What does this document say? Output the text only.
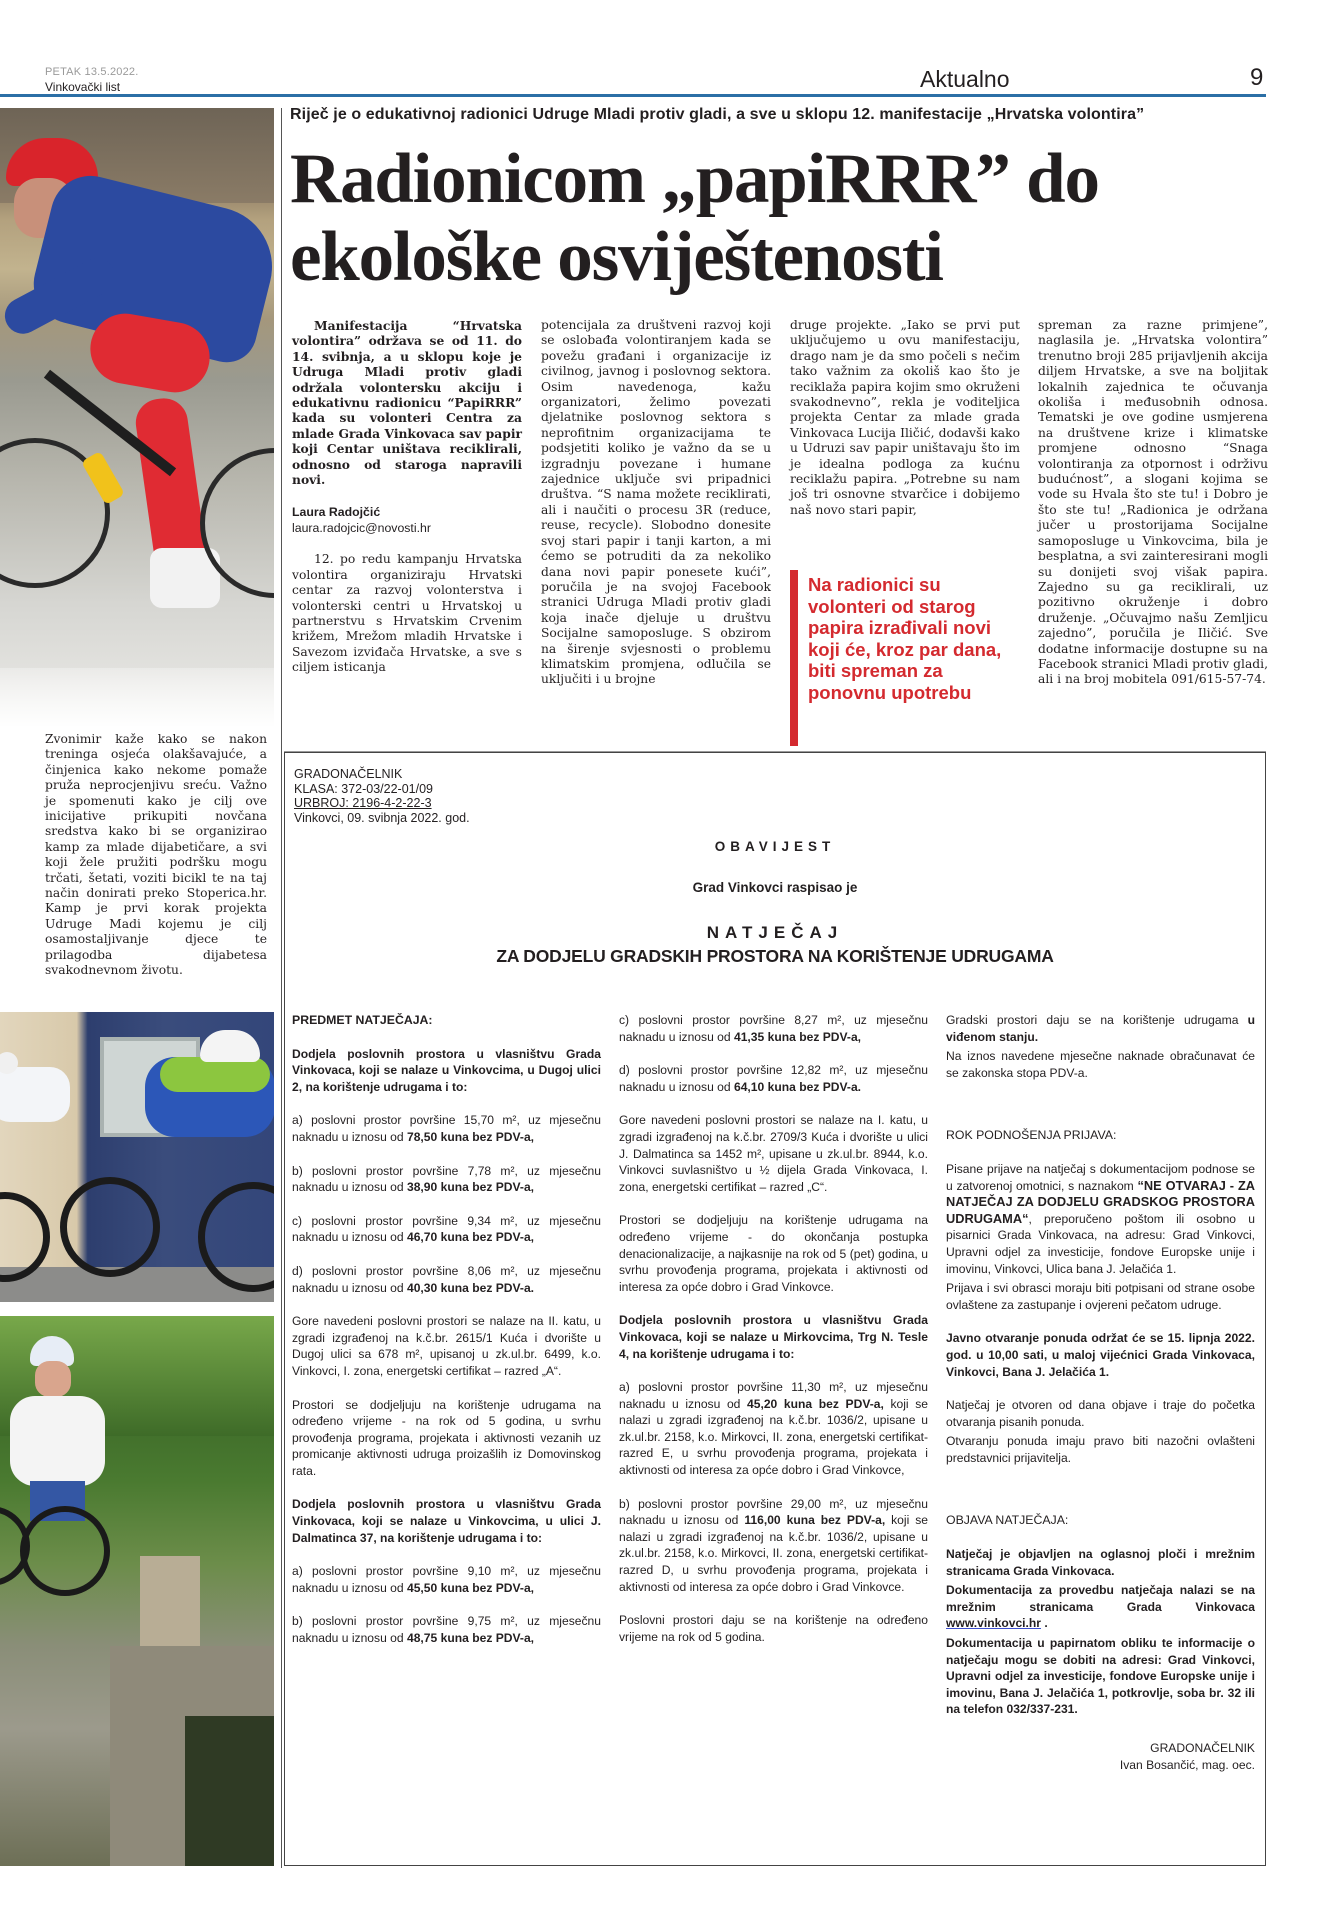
PETAK 13.5.2022.
Vinkovački list	Aktualno	9
Zvonimir kaže kako se nakon treninga osjeća olakšavajuće, a činjenica kako nekome pomaže pruža neprocjenjivu sreću. Važno je spomenuti kako je cilj ove inicijative prikupiti novčana sredstva kako bi se organizirao kamp za mlade dijabetičare, a svi koji žele pružiti podršku mogu trčati, šetati, voziti bicikl te na taj način donirati preko Stoperica.hr. Kamp je prvi korak projekta Udruge Madi kojemu je cilj osamostaljivanje djece te prilagodba dijabetesa svakodnevnom životu.
Riječ je o edukativnoj radionici Udruge Mladi protiv gladi, a sve u sklopu 12. manifestacije „Hrvatska volontira”
Radionicom „papiRRR” do ekološke osviještenosti

Manifestacija “Hrvatska volontira” održava se od 11. do 14. svibnja, a u sklopu koje je Udruga Mladi protiv gladi održala volontersku akciju i edukativnu radionicu “PapiRRR” kada su volonteri Centra za mlade Grada Vinkovaca sav papir koji Centar uništava reciklirali, odnosno od staroga napravili novi.

Laura Radojčić
laura.radojcic@novosti.hr

12. po redu kampanju Hrvatska volontira organiziraju Hrvatski centar za razvoj volonterstva i volonterski centri u Hrvatskoj u partnerstvu s Hrvatskim Crvenim križem, Mrežom mladih Hrvatske i Savezom izviđača Hrvatske, a sve s ciljem isticanja

potencijala za društveni razvoj koji se oslobađa volontiranjem kada se povežu građani i organizacije iz civilnog, javnog i poslovnog sektora. Osim navedenoga, kažu organizatori, želimo povezati djelatnike poslovnog sektora s neprofitnim organizacijama te podsjetiti koliko je važno da se u izgradnju povezane i humane zajednice uključe svi pripadnici društva. “S nama možete reciklirati, ali i naučiti o procesu 3R (reduce, reuse, recycle). Slobodno donesite svoj stari papir i tanji karton, a mi ćemo se potruditi da za nekoliko dana novi papir ponesete kući”, poručila je na svojoj Facebook stranici Udruga Mladi protiv gladi koja inače djeluje u društvu Socijalne samoposluge. S obzirom na širenje svjesnosti o problemu klimatskim promjena, odlučila se uključiti i u brojne

druge projekte. „Iako se prvi put uključujemo u ovu manifestaciju, drago nam je da smo počeli s nečim tako važnim za okoliš kao što je reciklaža papira kojim smo okruženi svakodnevno”, rekla je voditeljica projekta Centar za mlade grada Vinkovaca Lucija Iličić, dodavši kako u Udruzi sav papir uništavaju što im je idealna podloga za kućnu reciklažu papira. „Potrebne su nam još tri osnovne stvarčice i dobijemo naš novo stari papir,

Na radionici su volonteri od starog papira izrađivali novi koji će, kroz par dana, biti spreman za ponovnu upotrebu

spreman za razne primjene”, naglasila je. „Hrvatska volontira” trenutno broji 285 prijavljenih akcija diljem Hrvatske, a sve na boljitak lokalnih zajednica te očuvanja okoliša i međusobnih odnosa. Tematski je ove godine usmjerena na društvene krize i klimatske promjene odnosno “Snaga volontiranja za otpornost i održivu budućnost”, a slogani kojima se vode su Hvala što ste tu! i Dobro je što ste tu! „Radionica je održana jučer u prostorijama Socijalne samoposluge u Vinkovcima, bila je besplatna, a svi zainteresirani mogli su donijeti svoj višak papira. Zajedno su ga reciklirali, uz pozitivno okruženje i dobro druženje. „Očuvajmo našu Zemljicu zajedno”, poručila je Iličić. Sve dodatne informacije dostupne su na Facebook stranici Mladi protiv gladi, ali i na broj mobitela 091/615-57-74.

GRADONAČELNIK
KLASA: 372-03/22-01/09
URBROJ: 2196-4-2-22-3
Vinkovci, 09. svibnja 2022. god.
OBAVIJEST
Grad Vinkovci raspisao je
NATJEČAJ
ZA DODJELU GRADSKIH PROSTORA NA KORIŠTENJE UDRUGAMA

PREDMET NATJEČAJA:

Dodjela poslovnih prostora u vlasništvu Grada Vinkovaca, koji se nalaze u Vinkovcima, u Dugoj ulici 2, na korištenje udrugama i to:

a) poslovni prostor površine 15,70 m², uz mjesečnu naknadu u iznosu od 78,50 kuna bez PDV-a,

b) poslovni prostor površine 7,78 m², uz mjesečnu naknadu u iznosu od 38,90 kuna bez PDV-a,

c) poslovni prostor površine 9,34 m², uz mjesečnu naknadu u iznosu od 46,70 kuna bez PDV-a,

d) poslovni prostor površine 8,06 m², uz mjesečnu naknadu u iznosu od 40,30 kuna bez PDV-a.

Gore navedeni poslovni prostori se nalaze na II. katu, u zgradi izgrađenoj na k.č.br. 2615/1 Kuća i dvorište u Dugoj ulici sa 678 m², upisanoj u zk.ul.br. 6499, k.o. Vinkovci, I. zona, energetski certifikat – razred „A“.

Prostori se dodjeljuju na korištenje udrugama na određeno vrijeme - na rok od 5 godina, u svrhu provođenja programa, projekata i aktivnosti vezanih uz promicanje aktivnosti udruga proizašlih iz Domovinskog rata.

Dodjela poslovnih prostora u vlasništvu Grada Vinkovaca, koji se nalaze u Vinkovcima, u ulici J. Dalmatinca 37, na korištenje udrugama i to:

a) poslovni prostor površine 9,10 m², uz mjesečnu naknadu u iznosu od 45,50 kuna bez PDV-a,

b) poslovni prostor površine 9,75 m², uz mjesečnu naknadu u iznosu od 48,75 kuna bez PDV-a,

c) poslovni prostor površine 8,27 m², uz mjesečnu naknadu u iznosu od 41,35 kuna bez PDV-a,

d) poslovni prostor površine 12,82 m², uz mjesečnu naknadu u iznosu od 64,10 kuna bez PDV-a.

Gore navedeni poslovni prostori se nalaze na I. katu, u zgradi izgrađenoj na k.č.br. 2709/3 Kuća i dvorište u ulici J. Dalmatinca sa 1452 m², upisane u zk.ul.br. 8944, k.o. Vinkovci suvlasništvo u ½ dijela Grada Vinkovaca, I. zona, energetski certifikat – razred „C“.

Prostori se dodjeljuju na korištenje udrugama na određeno vrijeme - do okončanja postupka denacionalizacije, a najkasnije na rok od 5 (pet) godina, u svrhu provođenja programa, projekata i aktivnosti od interesa za opće dobro i Grad Vinkovce.

Dodjela poslovnih prostora u vlasništvu Grada Vinkovaca, koji se nalaze u Mirkovcima, Trg N. Tesle 4, na korištenje udrugama i to:

a) poslovni prostor površine 11,30 m², uz mjesečnu naknadu u iznosu od 45,20 kuna bez PDV-a, koji se nalazi u zgradi izgrađenoj na k.č.br. 1036/2, upisane u zk.ul.br. 2158, k.o. Mirkovci, II. zona, energetski certifikat-razred E, u svrhu provođenja programa, projekata i aktivnosti od interesa za opće dobro i Grad Vinkovce,

b) poslovni prostor površine 29,00 m², uz mjesečnu naknadu u iznosu od 116,00 kuna bez PDV-a, koji se nalazi u zgradi izgrađenoj na k.č.br. 1036/2, upisane u zk.ul.br. 2158, k.o. Mirkovci, II. zona, energetski certifikat-razred D, u svrhu provođenja programa, projekata i aktivnosti od interesa za opće dobro i Grad Vinkovce.

Poslovni prostori daju se na korištenje na određeno vrijeme na rok od 5 godina.

Gradski prostori daju se na korištenje udrugama u viđenom stanju.

Na iznos navedene mjesečne naknade obračunavat će se zakonska stopa PDV-a.

ROK PODNOŠENJA PRIJAVA:

Pisane prijave na natječaj s dokumentacijom podnose se u zatvorenoj omotnici, s naznakom “NE OTVARAJ - ZA NATJEČAJ ZA DODJELU GRADSKOG PROSTORA UDRUGAMA“, preporučeno poštom ili osobno u pisarnici Grada Vinkovaca, na adresu: Grad Vinkovci, Upravni odjel za investicije, fondove Europske unije i imovinu, Vinkovci, Ulica bana J. Jelačića 1.

Prijava i svi obrasci moraju biti potpisani od strane osobe ovlaštene za zastupanje i ovjereni pečatom udruge.

Javno otvaranje ponuda održat će se 15. lipnja 2022. god. u 10,00 sati, u maloj vijećnici Grada Vinkovaca, Vinkovci, Bana J. Jelačića 1.

Natječaj je otvoren od dana objave i traje do početka otvaranja pisanih ponuda.

Otvaranju ponuda imaju pravo biti nazočni ovlašteni predstavnici prijavitelja.

OBJAVA NATJEČAJA:

Natječaj je objavljen na oglasnoj ploči i mrežnim stranicama Grada Vinkovaca.

Dokumentacija za provedbu natječaja nalazi se na mrežnim stranicama Grada Vinkovaca www.vinkovci.hr .

Dokumentacija u papirnatom obliku te informacije o natječaju mogu se dobiti na adresi: Grad Vinkovci, Upravni odjel za investicije, fondove Europske unije i imovinu, Bana J. Jelačića 1, potkrovlje, soba br. 32 ili na telefon 032/337-231.

GRADONAČELNIK
Ivan Bosančić, mag. oec.
